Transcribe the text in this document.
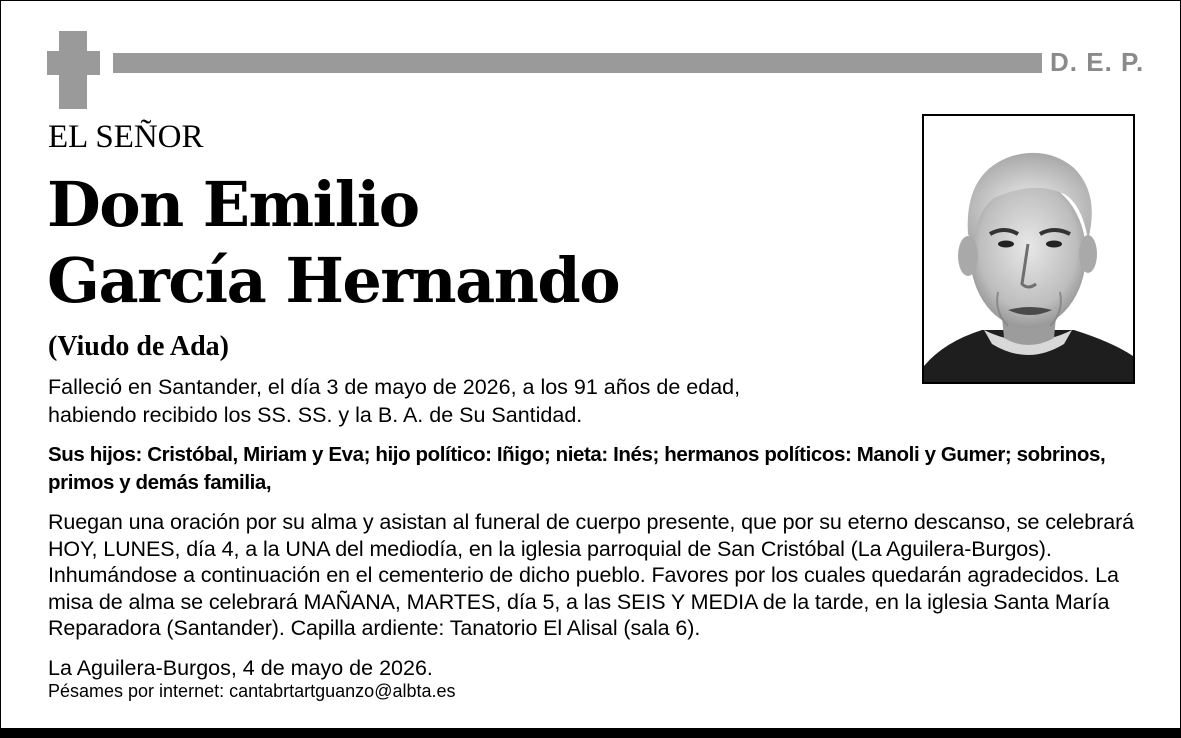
D. E. P.
EL SEÑOR
Don Emilio
García Hernando
(Viudo de Ada)

Falleció en Santander, el día 3 de mayo de 2026, a los 91 años de edad,
habiendo recibido los SS. SS. y la B. A. de Su Santidad.

Sus hijos: Cristóbal, Miriam y Eva; hijo político: Iñigo; nieta: Inés; hermanos políticos: Manoli y Gumer; sobrinos, primos y demás familia,

Ruegan una oración por su alma y asistan al funeral de cuerpo presente, que por su eterno descanso, se celebrará HOY, LUNES, día 4, a la UNA del mediodía, en la iglesia parroquial de San Cristóbal (La Aguilera-Burgos). Inhumándose a continuación en el cementerio de dicho pueblo. Favores por los cuales quedarán agradecidos. La misa de alma se celebrará MAÑANA, MARTES, día 5, a las SEIS Y MEDIA de la tarde, en la iglesia Santa María Reparadora (Santander). Capilla ardiente: Tanatorio El Alisal (sala 6).

La Aguilera-Burgos, 4 de mayo de 2026.
Pésames por internet: cantabrtartguanzo@albta.es
